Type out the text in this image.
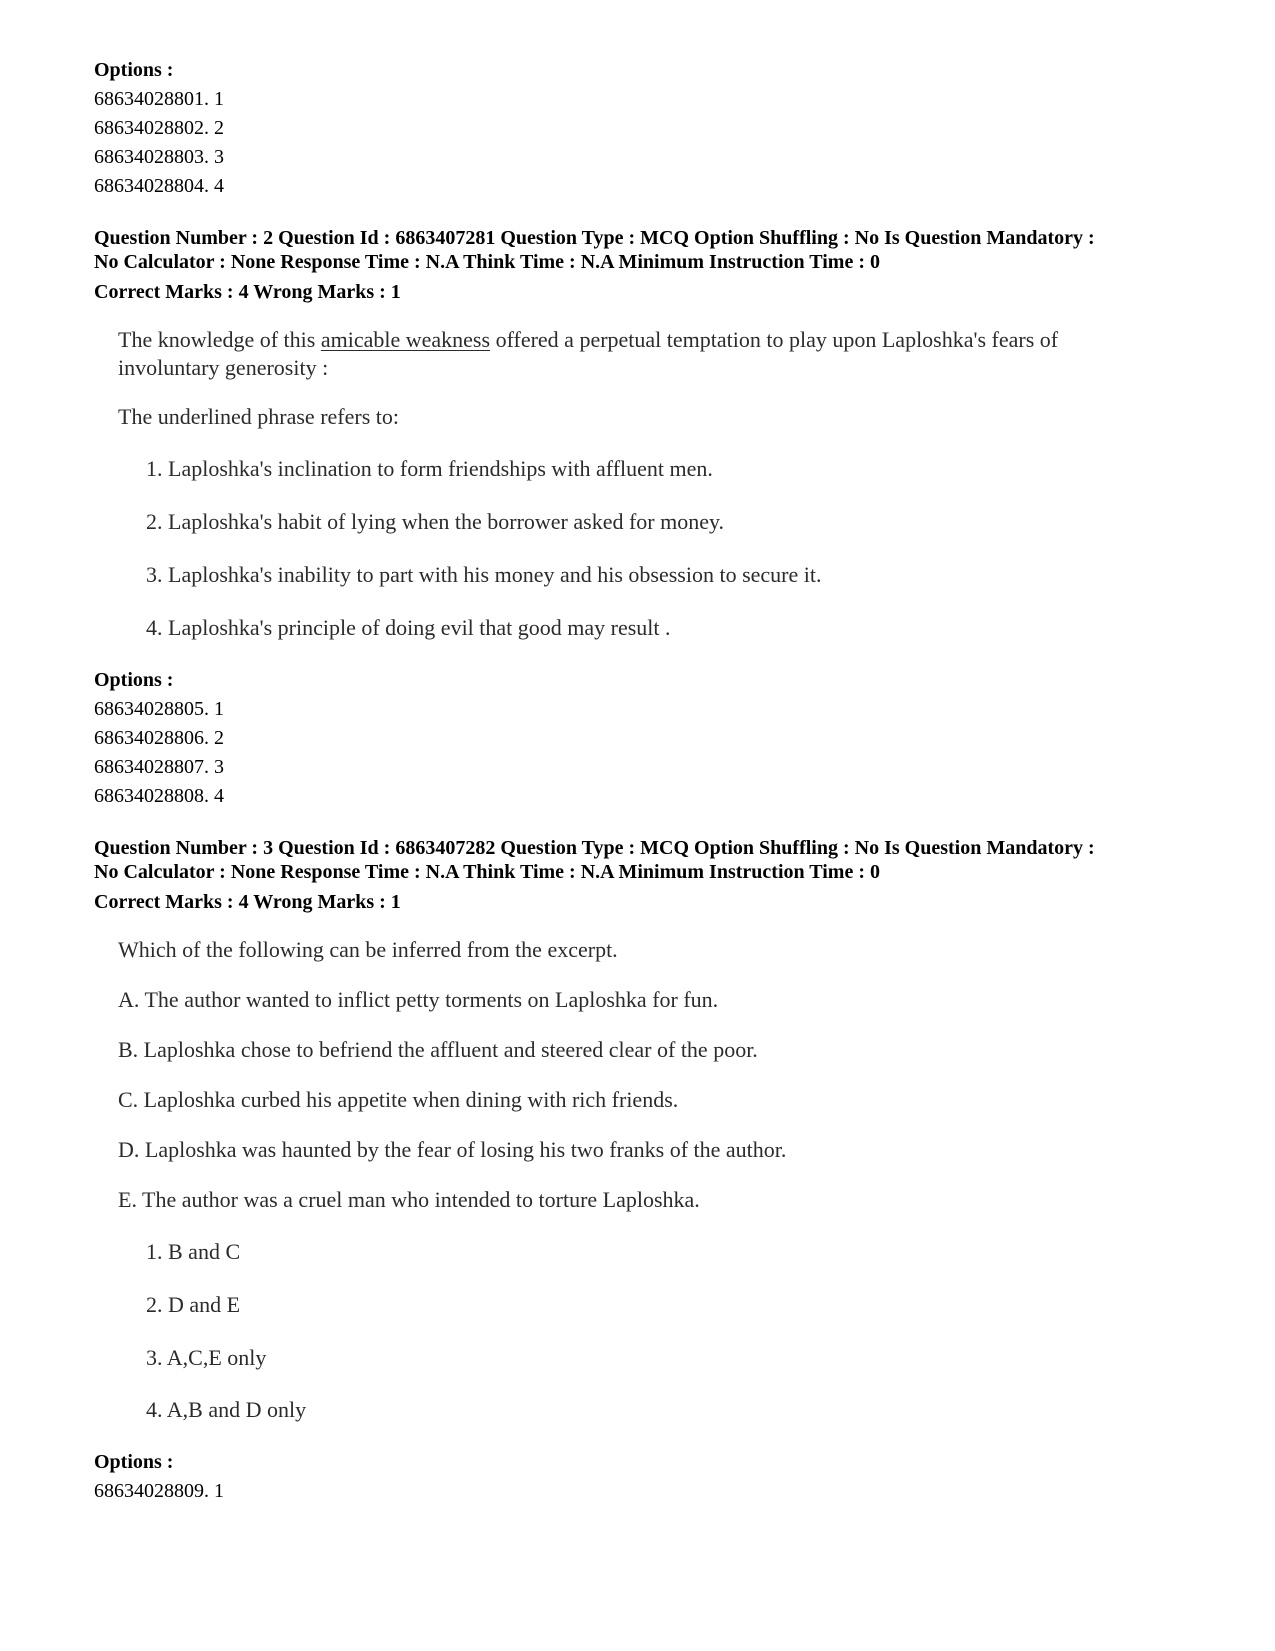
Options :
68634028801. 1
68634028802. 2
68634028803. 3
68634028804. 4
Question Number : 2 Question Id : 6863407281 Question Type : MCQ Option Shuffling : No Is Question Mandatory :
No Calculator : None Response Time : N.A Think Time : N.A Minimum Instruction Time : 0
Correct Marks : 4 Wrong Marks : 1

The knowledge of this amicable weakness offered a perpetual temptation to play upon Laploshka's fears of

involuntary generosity :

The underlined phrase refers to:
1. Laploshka's inclination to form friendships with affluent men.
2. Laploshka's habit of lying when the borrower asked for money.
3. Laploshka's inability to part with his money and his obsession to secure it.
4. Laploshka's principle of doing evil that good may result .
Options :
68634028805. 1
68634028806. 2
68634028807. 3
68634028808. 4
Question Number : 3 Question Id : 6863407282 Question Type : MCQ Option Shuffling : No Is Question Mandatory :
No Calculator : None Response Time : N.A Think Time : N.A Minimum Instruction Time : 0
Correct Marks : 4 Wrong Marks : 1
Which of the following can be inferred from the excerpt.
A. The author wanted to inflict petty torments on Laploshka for fun.
B. Laploshka chose to befriend the affluent and steered clear of the poor.
C. Laploshka curbed his appetite when dining with rich friends.
D. Laploshka was haunted by the fear of losing his two franks of the author.
E. The author was a cruel man who intended to torture Laploshka.
1. B and C
2. D and E
3. A,C,E only
4. A,B and D only
Options :
68634028809. 1
